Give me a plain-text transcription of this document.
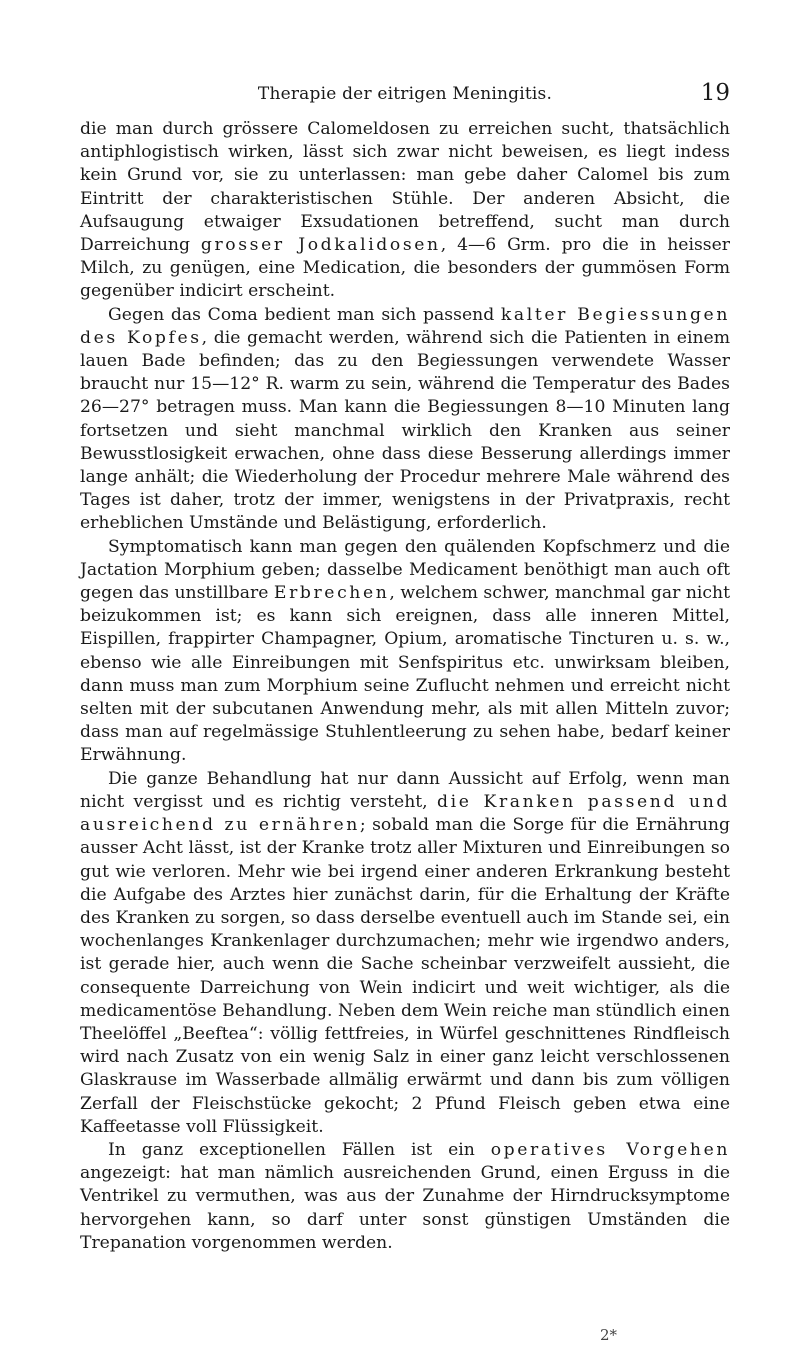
Therapie der eitrigen Meningitis.	19

die man durch grössere Calomeldosen zu erreichen sucht, thatsächlich antiphlogistisch wirken, lässt sich zwar nicht beweisen, es liegt indess kein Grund vor, sie zu unterlassen: man gebe daher Calomel bis zum Eintritt der charakteristischen Stühle. Der anderen Absicht, die Aufsaugung etwaiger Exsudationen betreffend, sucht man durch Darreichung grosser Jodkalidosen, 4—6 Grm. pro die in heisser Milch, zu genügen, eine Medication, die besonders der gummösen Form gegenüber indicirt erscheint.

Gegen das Coma bedient man sich passend kalter Begiessungen des Kopfes, die gemacht werden, während sich die Patienten in einem lauen Bade befinden; das zu den Begiessungen verwendete Wasser braucht nur 15—12° R. warm zu sein, während die Temperatur des Bades 26—27° betragen muss. Man kann die Begiessungen 8—10 Minuten lang fortsetzen und sieht manchmal wirklich den Kranken aus seiner Bewusstlosigkeit erwachen, ohne dass diese Besserung allerdings immer lange anhält; die Wiederholung der Procedur mehrere Male während des Tages ist daher, trotz der immer, wenigstens in der Privatpraxis, recht erheblichen Umstände und Belästigung, erforderlich.

Symptomatisch kann man gegen den quälenden Kopfschmerz und die Jactation Morphium geben; dasselbe Medicament benöthigt man auch oft gegen das unstillbare Erbrechen, welchem schwer, manchmal gar nicht beizukommen ist; es kann sich ereignen, dass alle inneren Mittel, Eispillen, frappirter Champagner, Opium, aromatische Tincturen u. s. w., ebenso wie alle Einreibungen mit Senfspiritus etc. unwirksam bleiben, dann muss man zum Morphium seine Zuflucht nehmen und erreicht nicht selten mit der subcutanen Anwendung mehr, als mit allen Mitteln zuvor; dass man auf regelmässige Stuhlentleerung zu sehen habe, bedarf keiner Erwähnung.

Die ganze Behandlung hat nur dann Aussicht auf Erfolg, wenn man nicht vergisst und es richtig versteht, die Kranken passend und ausreichend zu ernähren; sobald man die Sorge für die Ernährung ausser Acht lässt, ist der Kranke trotz aller Mixturen und Einreibungen so gut wie verloren. Mehr wie bei irgend einer anderen Erkrankung besteht die Aufgabe des Arztes hier zunächst darin, für die Erhaltung der Kräfte des Kranken zu sorgen, so dass derselbe eventuell auch im Stande sei, ein wochenlanges Krankenlager durchzumachen; mehr wie irgendwo anders, ist gerade hier, auch wenn die Sache scheinbar verzweifelt aussieht, die consequente Darreichung von Wein indicirt und weit wichtiger, als die medicamentöse Behandlung. Neben dem Wein reiche man stündlich einen Theelöffel „Beeftea“: völlig fettfreies, in Würfel geschnittenes Rindfleisch wird nach Zusatz von ein wenig Salz in einer ganz leicht verschlossenen Glaskrause im Wasserbade allmälig erwärmt und dann bis zum völligen Zerfall der Fleischstücke gekocht; 2 Pfund Fleisch geben etwa eine Kaffeetasse voll Flüssigkeit.

In ganz exceptionellen Fällen ist ein operatives Vorgehen angezeigt: hat man nämlich ausreichenden Grund, einen Erguss in die Ventrikel zu vermuthen, was aus der Zunahme der Hirndrucksymptome hervorgehen kann, so darf unter sonst günstigen Umständen die Trepanation vorgenommen werden.

2*
